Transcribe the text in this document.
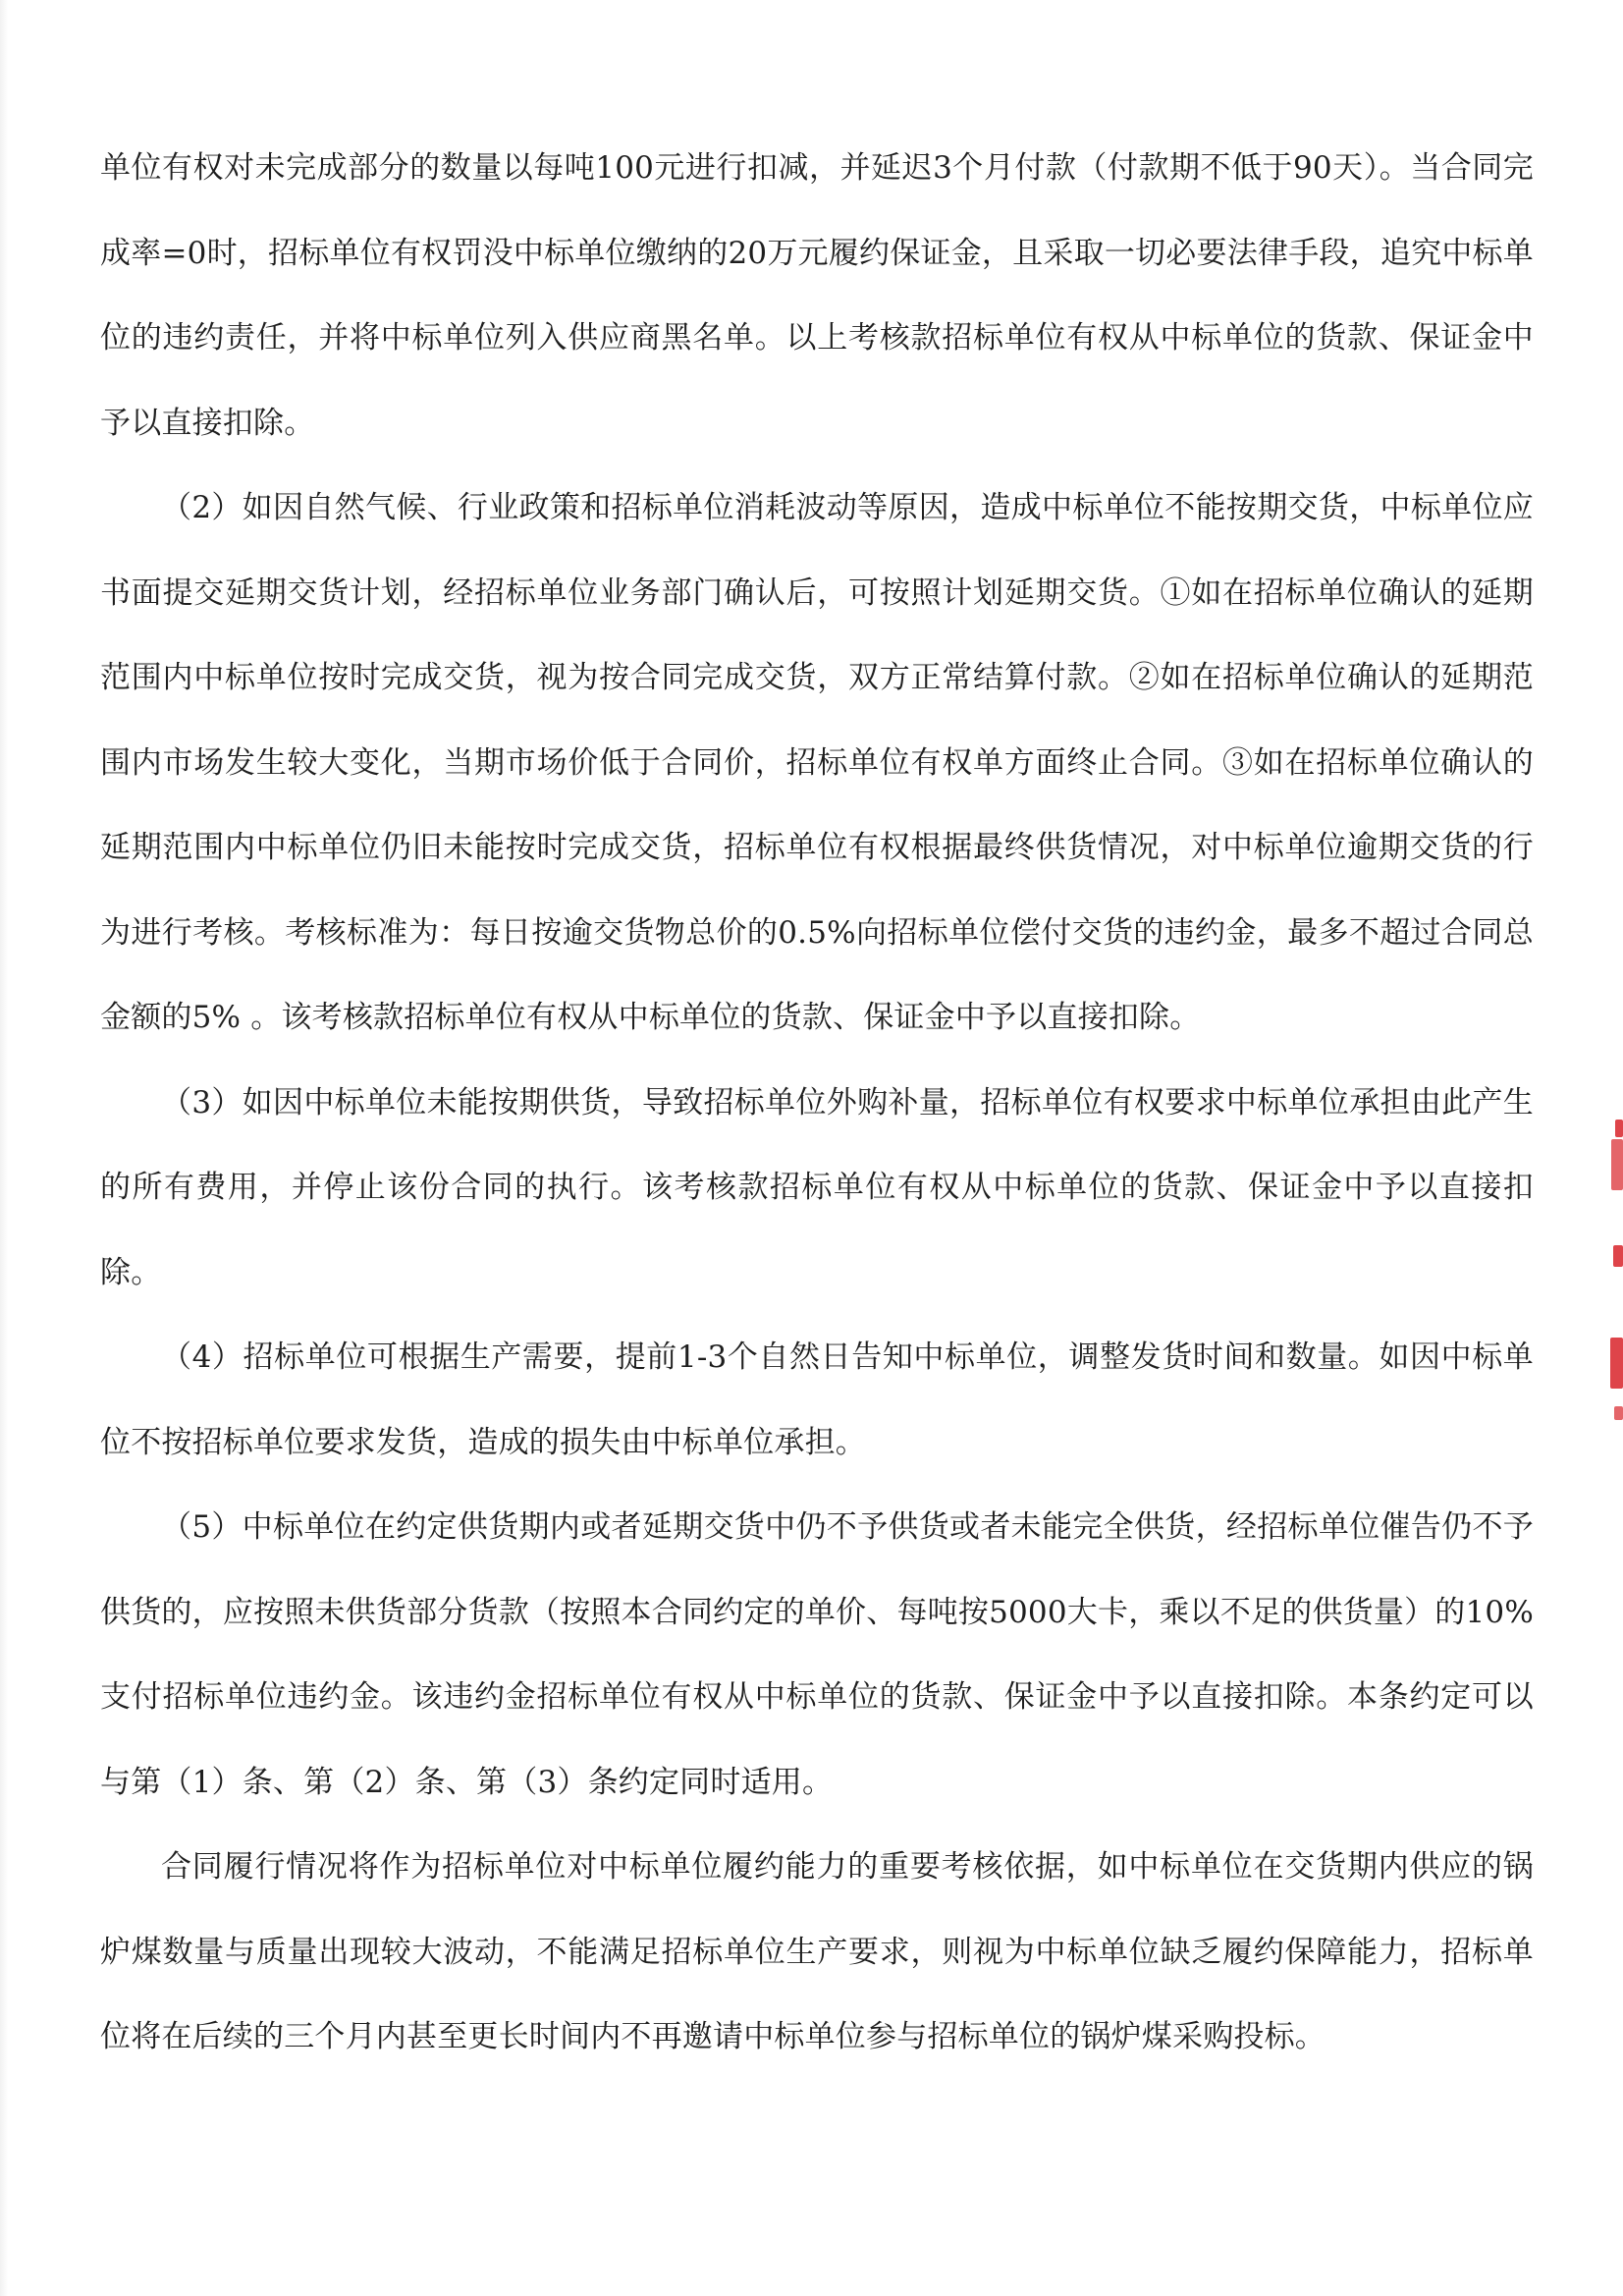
单位有权对未完成部分的数量以每吨100元进行扣减，并延迟3个月付款（付款期不低于90天）。当合同完成率=0时，招标单位有权罚没中标单位缴纳的20万元履约保证金，且采取一切必要法律手段，追究中标单位的违约责任，并将中标单位列入供应商黑名单。以上考核款招标单位有权从中标单位的货款、保证金中予以直接扣除。

（2）如因自然气候、行业政策和招标单位消耗波动等原因，造成中标单位不能按期交货，中标单位应书面提交延期交货计划，经招标单位业务部门确认后，可按照计划延期交货。①如在招标单位确认的延期范围内中标单位按时完成交货，视为按合同完成交货，双方正常结算付款。②如在招标单位确认的延期范围内市场发生较大变化，当期市场价低于合同价，招标单位有权单方面终止合同。③如在招标单位确认的延期范围内中标单位仍旧未能按时完成交货，招标单位有权根据最终供货情况，对中标单位逾期交货的行为进行考核。考核标准为：每日按逾交货物总价的0.5%向招标单位偿付交货的违约金，最多不超过合同总金额的5% 。该考核款招标单位有权从中标单位的货款、保证金中予以直接扣除。

（3）如因中标单位未能按期供货，导致招标单位外购补量，招标单位有权要求中标单位承担由此产生的所有费用，并停止该份合同的执行。该考核款招标单位有权从中标单位的货款、保证金中予以直接扣除。

（4）招标单位可根据生产需要，提前1-3个自然日告知中标单位，调整发货时间和数量。如因中标单位不按招标单位要求发货，造成的损失由中标单位承担。

（5）中标单位在约定供货期内或者延期交货中仍不予供货或者未能完全供货，经招标单位催告仍不予供货的，应按照未供货部分货款（按照本合同约定的单价、每吨按5000大卡，乘以不足的供货量）的10%支付招标单位违约金。该违约金招标单位有权从中标单位的货款、保证金中予以直接扣除。本条约定可以与第（1）条、第（2）条、第（3）条约定同时适用。

合同履行情况将作为招标单位对中标单位履约能力的重要考核依据，如中标单位在交货期内供应的锅炉煤数量与质量出现较大波动，不能满足招标单位生产要求，则视为中标单位缺乏履约保障能力，招标单位将在后续的三个月内甚至更长时间内不再邀请中标单位参与招标单位的锅炉煤采购投标。
